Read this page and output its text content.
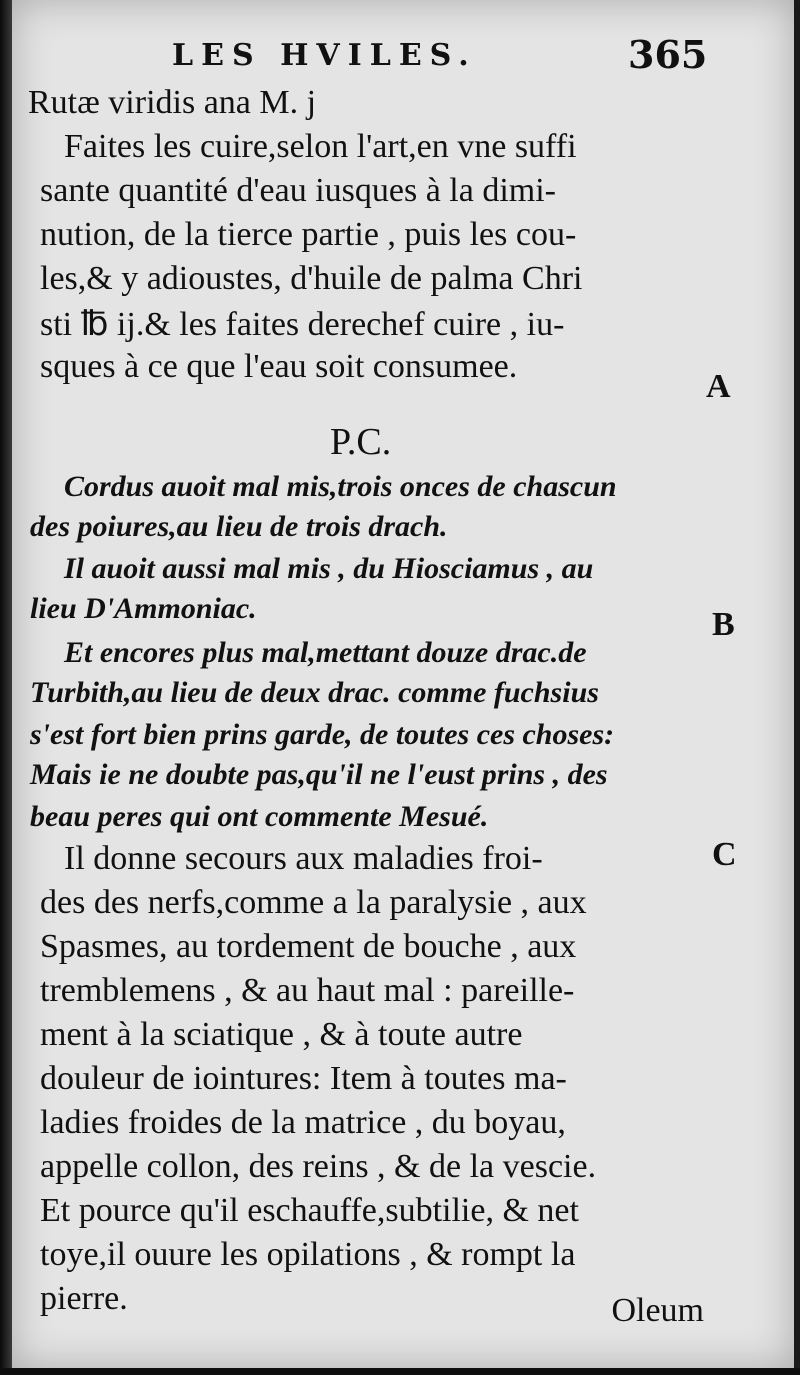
LES HVILES.	365
Rutæ viridis ana M. j
Faites les cuire,selon l'art,en vne suffi
sante quantité d'eau iusques à la dimi-
nution, de la tierce partie , puis les cou-
les,& y adioustes, d'huile de palma Chri
sti ℔ ij.& les faites derechef cuire , iu-
sques à ce que l'eau soit consumee.
A
P.C.
Cordus auoit mal mis,trois onces de chascun
des poiures,au lieu de trois drach.
Il auoit aussi mal mis , du Hiosciamus , au
lieu D'Ammoniac.	B
Et encores plus mal,mettant douze drac.de
Turbith,au lieu de deux drac. comme fuchsius
s'est fort bien prins garde, de toutes ces choses:
Mais ie ne doubte pas,qu'il ne l'eust prins , des
beau peres qui ont commente Mesué.
C
Il donne secours aux maladies froi-
des des nerfs,comme a la paralysie , aux
Spasmes, au tordement de bouche , aux
tremblemens , & au haut mal : pareille-
ment à la sciatique , & à toute autre
douleur de iointures: Item à toutes ma-
ladies froides de la matrice , du boyau,
appelle collon, des reins , & de la vescie.
Et pource qu'il eschauffe,subtilie, & net
toye,il ouure les opilations , & rompt la
pierre.	Oleum
